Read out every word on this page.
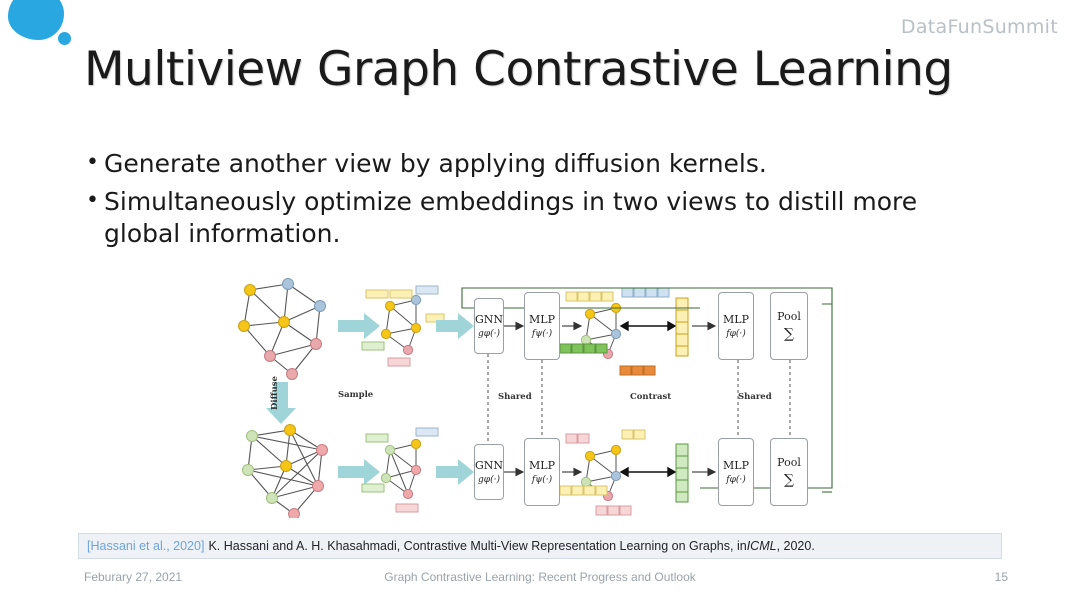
DataFunSummit
Multiview Graph Contrastive Learning
• Generate another view by applying diffusion kernels.
• Simultaneously optimize embeddings in two views to distill more global information.
GNN
gφ(·)
MLP
fψ(·)
GNN
gφ(·)
MLP
fψ(·)
MLP
fφ(·)
Pool
∑
MLP
fφ(·)
Pool
∑
Diffuse	Sample	Shared	Contrast	Shared
[Hassani et al., 2020] K. Hassani and A. H. Khasahmadi, Contrastive Multi-View Representation Learning on Graphs, in ICML , 2020.
Feburary 27, 2021	Graph Contrastive Learning: Recent Progress and Outlook	15
